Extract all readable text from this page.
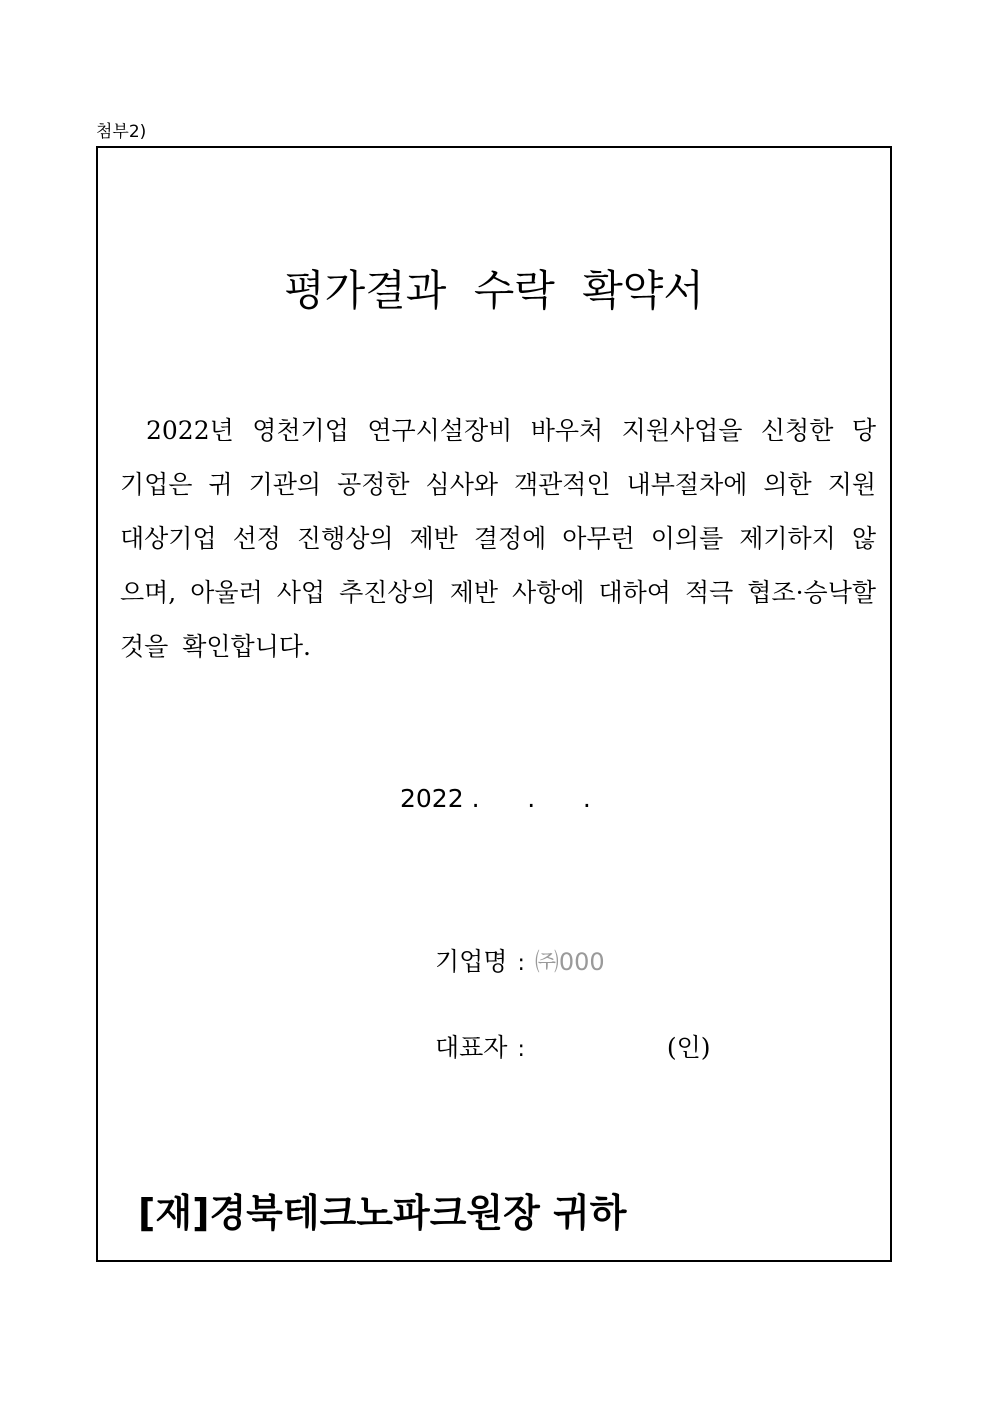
첨부2)
평가결과 수락 확약서

2022년 영천기업 연구시설장비 바우처 지원사업을 신청한 당 기업은 귀 기관의 공정한 심사와 객관적인 내부절차에 의한 지원 대상기업 선정 진행상의 제반 결정에 아무런 이의를 제기하지 않으며, 아울러 사업 추진상의 제반 사항에 대하여 적극 협조·승낙할 것을 확인합니다.

2022 .      .      .
기업명 : ㈜000
대표자 :	(인)
[재]경북테크노파크원장 귀하
